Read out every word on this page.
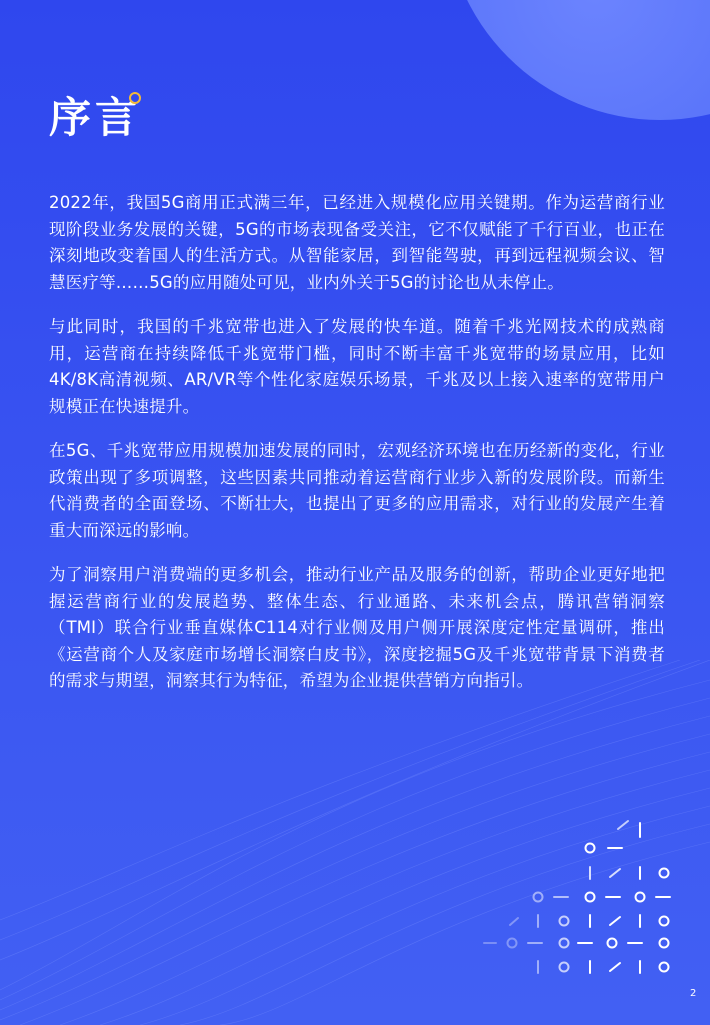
序言

2022年，我国5G商用正式满三年，已经进入规模化应用关键期。作为运营商行业现阶段业务发展的关键，5G的市场表现备受关注，它不仅赋能了千行百业，也正在深刻地改变着国人的生活方式。从智能家居，到智能驾驶，再到远程视频会议、智慧医疗等……5G的应用随处可见，业内外关于5G的讨论也从未停止。

与此同时，我国的千兆宽带也进入了发展的快车道。随着千兆光网技术的成熟商用，运营商在持续降低千兆宽带门槛，同时不断丰富千兆宽带的场景应用，比如4K/8K高清视频、AR/VR等个性化家庭娱乐场景，千兆及以上接入速率的宽带用户规模正在快速提升。

在5G、千兆宽带应用规模加速发展的同时，宏观经济环境也在历经新的变化，行业政策出现了多项调整，这些因素共同推动着运营商行业步入新的发展阶段。而新生代消费者的全面登场、不断壮大，也提出了更多的应用需求，对行业的发展产生着重大而深远的影响。

为了洞察用户消费端的更多机会，推动行业产品及服务的创新，帮助企业更好地把握运营商行业的发展趋势、整体生态、行业通路、未来机会点，腾讯营销洞察（TMI）联合行业垂直媒体C114对行业侧及用户侧开展深度定性定量调研，推出《运营商个人及家庭市场增长洞察白皮书》，深度挖掘5G及千兆宽带背景下消费者的需求与期望，洞察其行为特征，希望为企业提供营销方向指引。

2
